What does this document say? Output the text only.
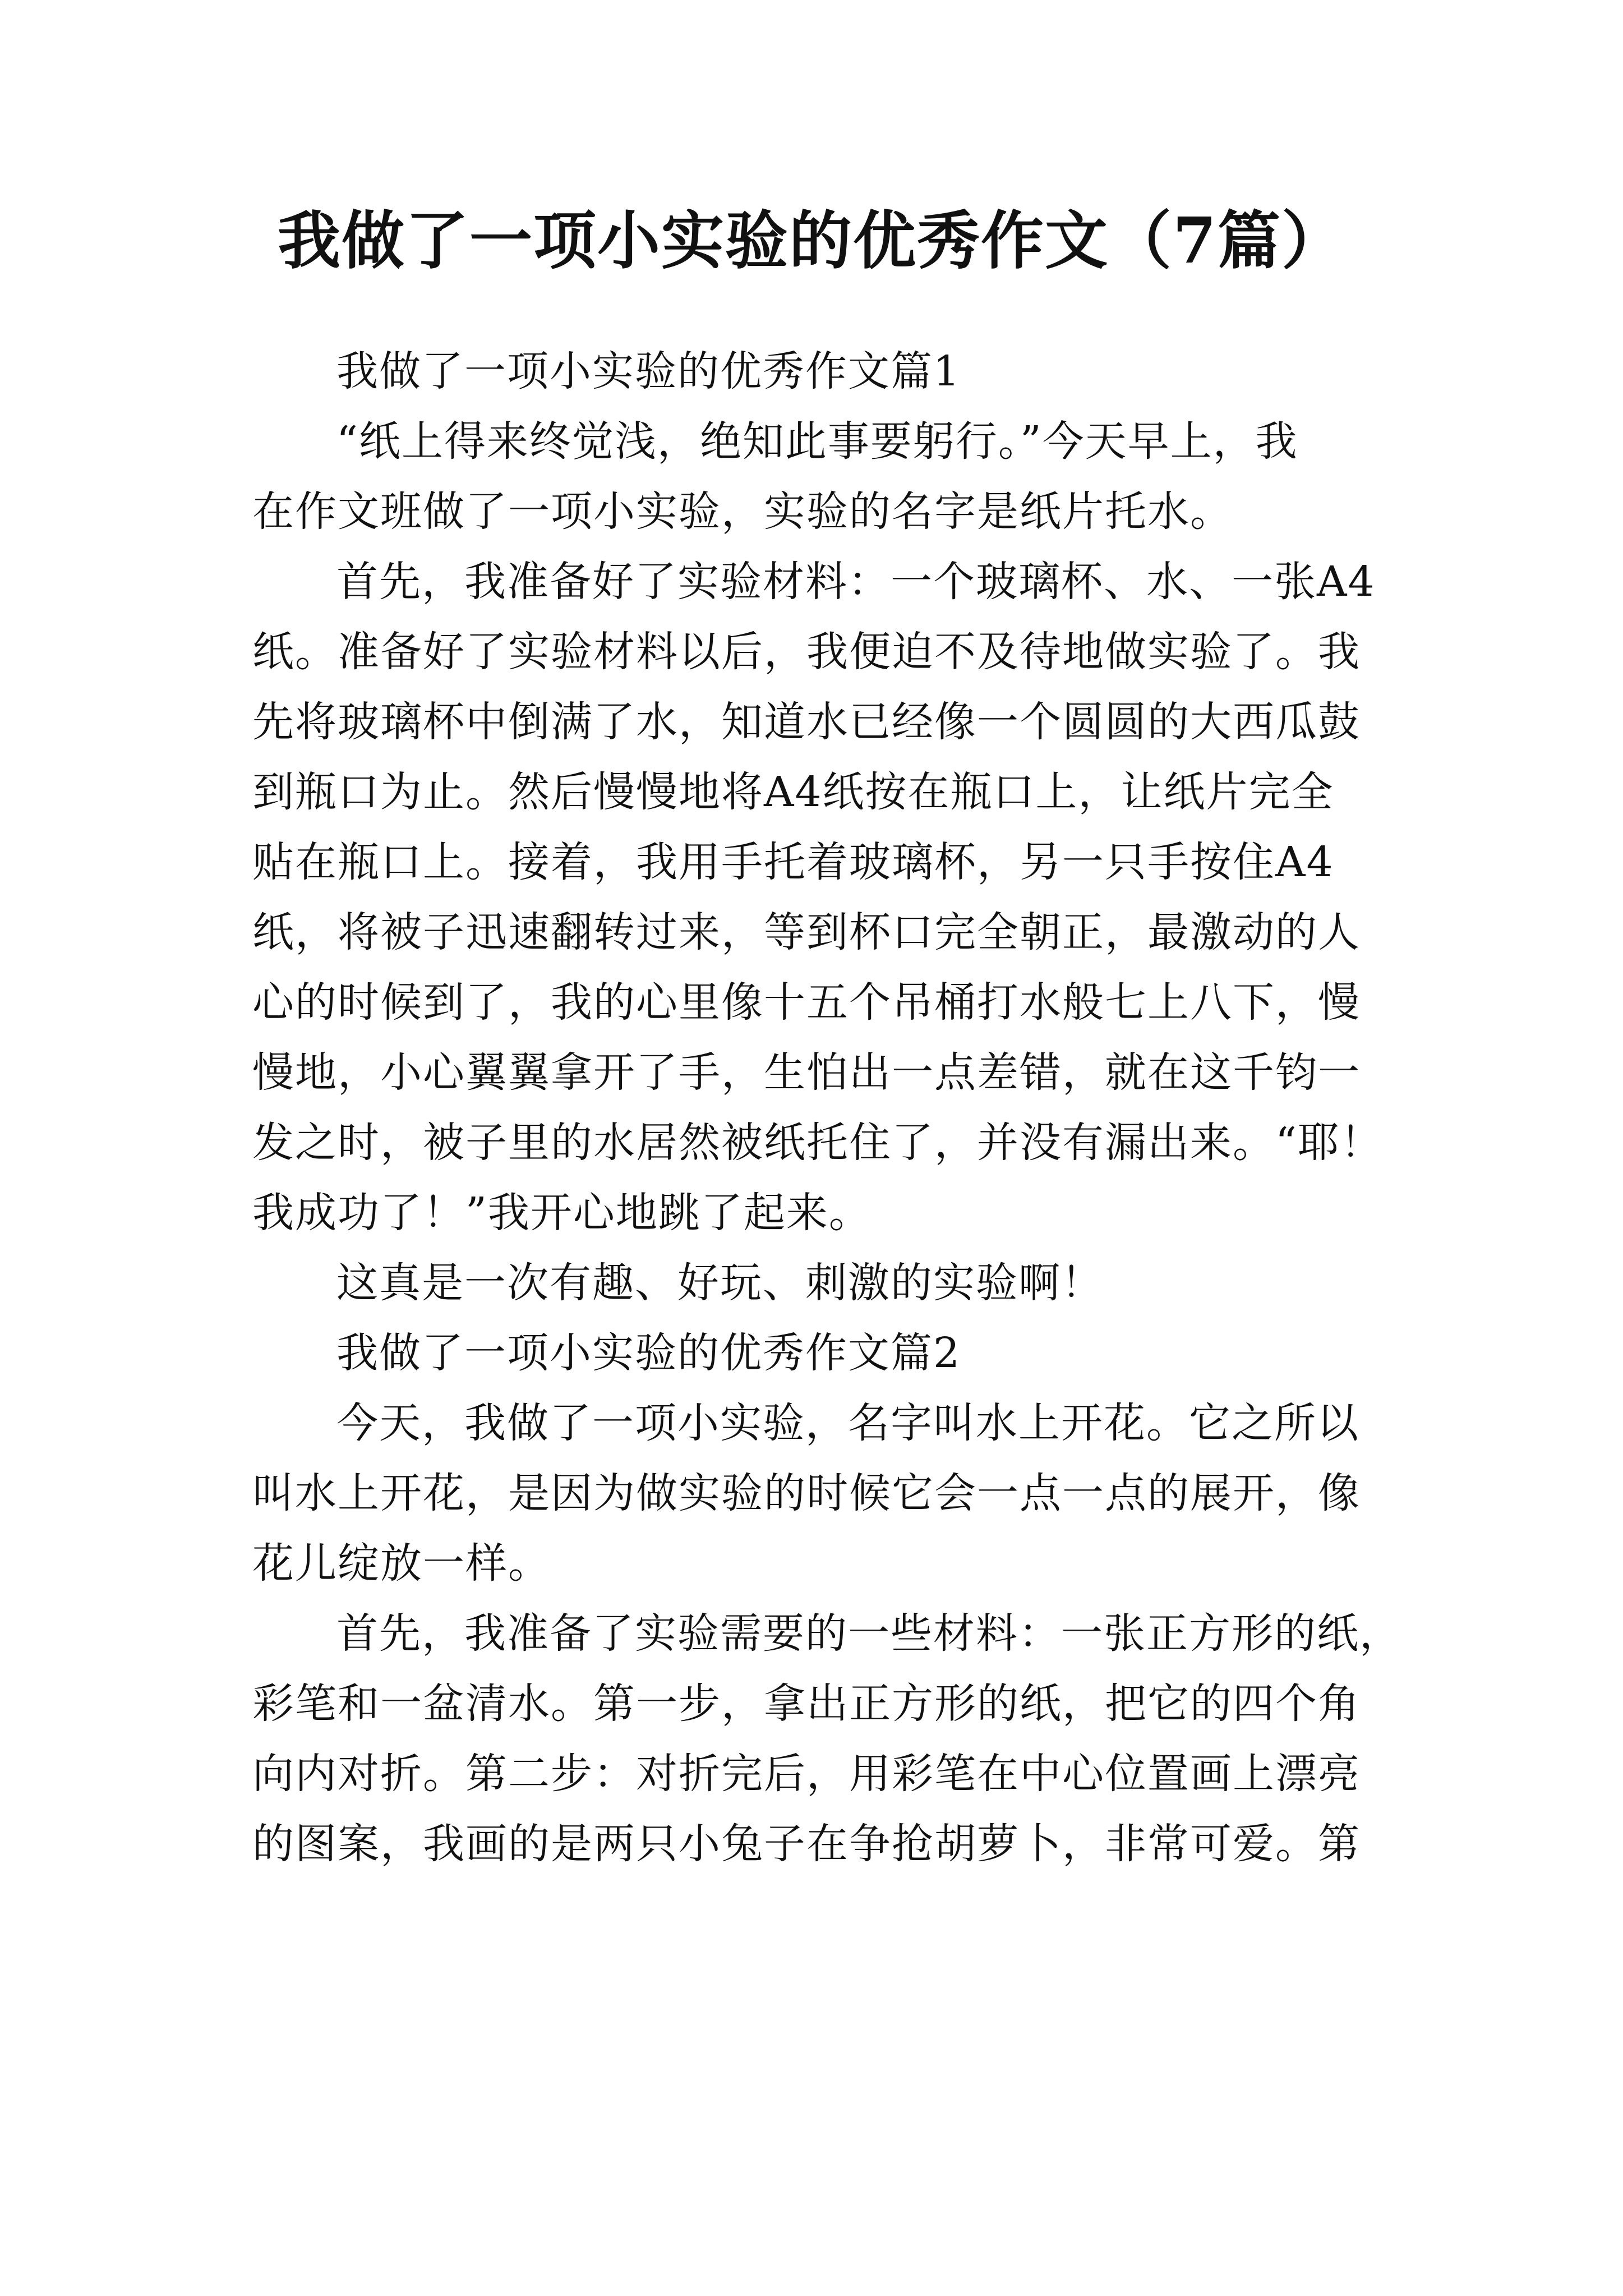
我做了一项小实验的优秀作文（7篇）
我做了一项小实验的优秀作文篇1
“纸上得来终觉浅，绝知此事要躬行。”今天早上，我
在作文班做了一项小实验，实验的名字是纸片托水。
首先，我准备好了实验材料：一个玻璃杯、水、一张A4
纸。准备好了实验材料以后，我便迫不及待地做实验了。我
先将玻璃杯中倒满了水，知道水已经像一个圆圆的大西瓜鼓
到瓶口为止。然后慢慢地将A4纸按在瓶口上，让纸片完全
贴在瓶口上。接着，我用手托着玻璃杯，另一只手按住A4
纸，将被子迅速翻转过来，等到杯口完全朝正，最激动的人
心的时候到了，我的心里像十五个吊桶打水般七上八下，慢
慢地，小心翼翼拿开了手，生怕出一点差错，就在这千钧一
发之时，被子里的水居然被纸托住了，并没有漏出来。“耶！
我成功了！”我开心地跳了起来。
这真是一次有趣、好玩、刺激的实验啊！
我做了一项小实验的优秀作文篇2
今天，我做了一项小实验，名字叫水上开花。它之所以
叫水上开花，是因为做实验的时候它会一点一点的展开，像
花儿绽放一样。
首先，我准备了实验需要的一些材料：一张正方形的纸，
彩笔和一盆清水。第一步，拿出正方形的纸，把它的四个角
向内对折。第二步：对折完后，用彩笔在中心位置画上漂亮
的图案，我画的是两只小兔子在争抢胡萝卜，非常可爱。第
